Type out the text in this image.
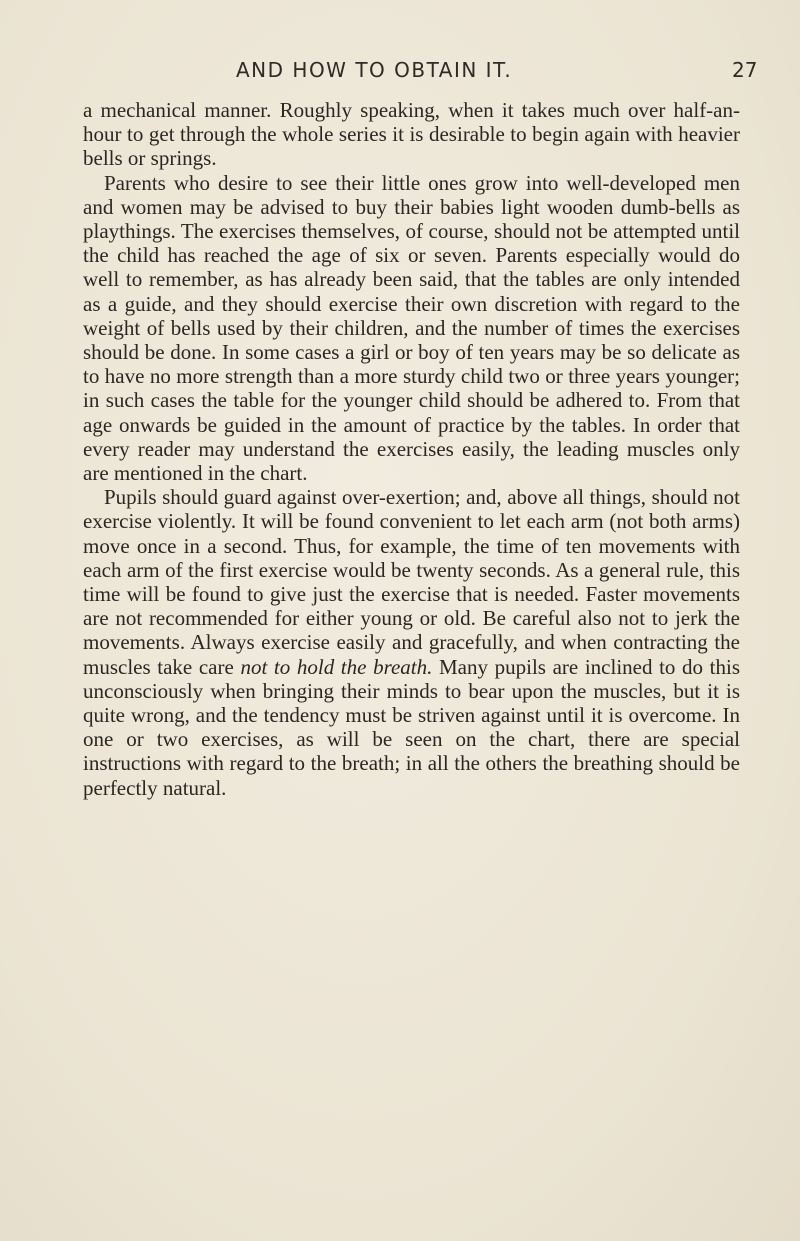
AND HOW TO OBTAIN IT.	27

a mechanical manner. Roughly speaking, when it takes much over half-an-hour to get through the whole series it is desirable to begin again with heavier bells or springs.

Parents who desire to see their little ones grow into well-developed men and women may be advised to buy their babies light wooden dumb-bells as playthings. The exercises themselves, of course, should not be attempted until the child has reached the age of six or seven. Parents especially would do well to remember, as has already been said, that the tables are only intended as a guide, and they should exercise their own discretion with regard to the weight of bells used by their children, and the number of times the exercises should be done. In some cases a girl or boy of ten years may be so delicate as to have no more strength than a more sturdy child two or three years younger; in such cases the table for the younger child should be adhered to. From that age onwards be guided in the amount of practice by the tables. In order that every reader may understand the exercises easily, the leading muscles only are mentioned in the chart.

Pupils should guard against over-exertion; and, above all things, should not exercise violently. It will be found convenient to let each arm (not both arms) move once in a second. Thus, for example, the time of ten movements with each arm of the first exercise would be twenty seconds. As a general rule, this time will be found to give just the exercise that is needed. Faster movements are not recommended for either young or old. Be careful also not to jerk the movements. Always exercise easily and gracefully, and when contracting the muscles take care not to hold the breath. Many pupils are inclined to do this unconsciously when bringing their minds to bear upon the muscles, but it is quite wrong, and the tendency must be striven against until it is overcome. In one or two exercises, as will be seen on the chart, there are special instructions with regard to the breath; in all the others the breathing should be perfectly natural.
